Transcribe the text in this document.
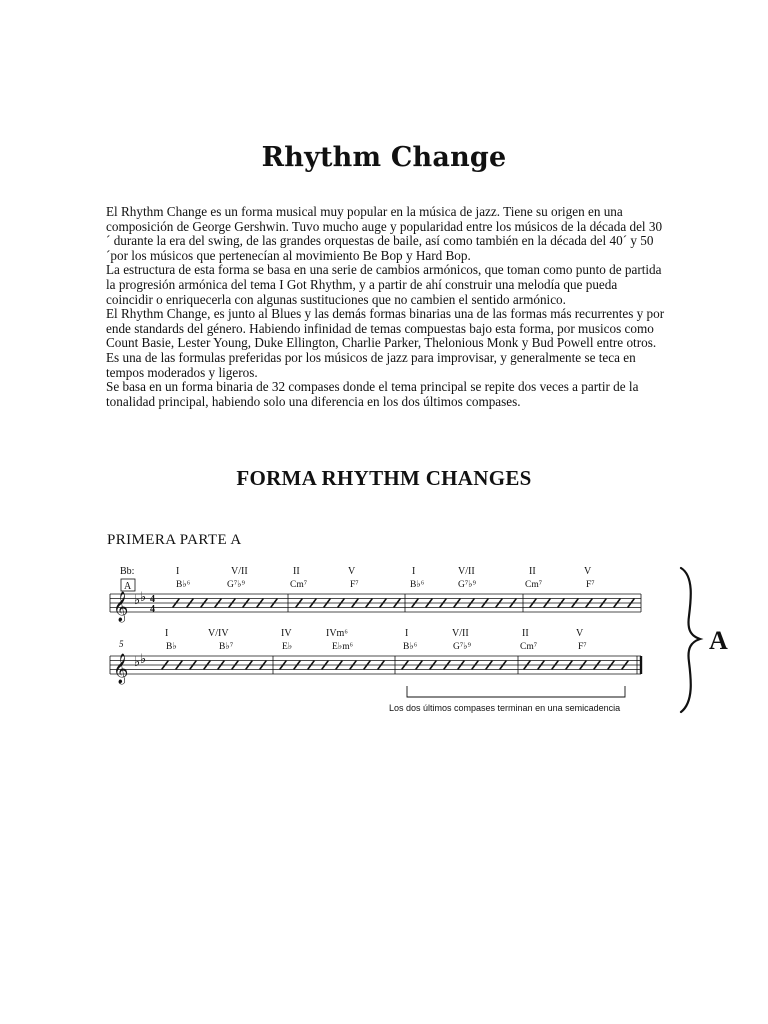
Rhythm Change

El Rhythm Change es un forma musical muy popular en la música de jazz. Tiene su origen en una composición de George Gershwin. Tuvo mucho auge y popularidad entre los músicos de la década del 30´ durante la era del swing, de las grandes orquestas de baile, así como también en la década del 40´ y 50´por los músicos que pertenecían al movimiento Be Bop y Hard Bop.

La estructura de esta forma se basa en una serie de cambios armónicos, que toman como punto de partida la progresión armónica del tema I Got Rhythm, y a partir de ahí construir una melodía que pueda coincidir o enriquecerla con algunas sustituciones que no cambien el sentido armónico.

El Rhythm Change, es junto al Blues y las demás formas binarias una de las formas más recurrentes y por ende standards del género. Habiendo infinidad de temas compuestas bajo esta forma, por musicos como Count Basie, Lester Young, Duke Ellington, Charlie Parker, Thelonious Monk y Bud Powell entre otros.

Es una de las formulas preferidas por los músicos de jazz para improvisar, y generalmente se teca en tempos moderados y ligeros.

Se basa en un forma binaria de 32 compases donde el tema principal se repite dos veces a partir de la tonalidad principal, habiendo solo una diferencia en los dos últimos compases.

FORMA RHYTHM CHANGES
PRIMERA PARTE A
Bb:
A
I	V/II	II	V	I	V/II	II	V
B♭⁶	G⁷♭⁹	Cm⁷	F⁷	B♭⁶	G⁷♭⁹	Cm⁷	F⁷
𝄞 ♭ ♭ 4
4
I	V/IV	IV	IVm⁶	I	V/II	II	V
B♭	B♭⁷	E♭	E♭m⁶	B♭⁶	G⁷♭⁹	Cm⁷	F⁷
5
𝄞 ♭ ♭
Los dos últimos compases terminan en una semicadencia
A
